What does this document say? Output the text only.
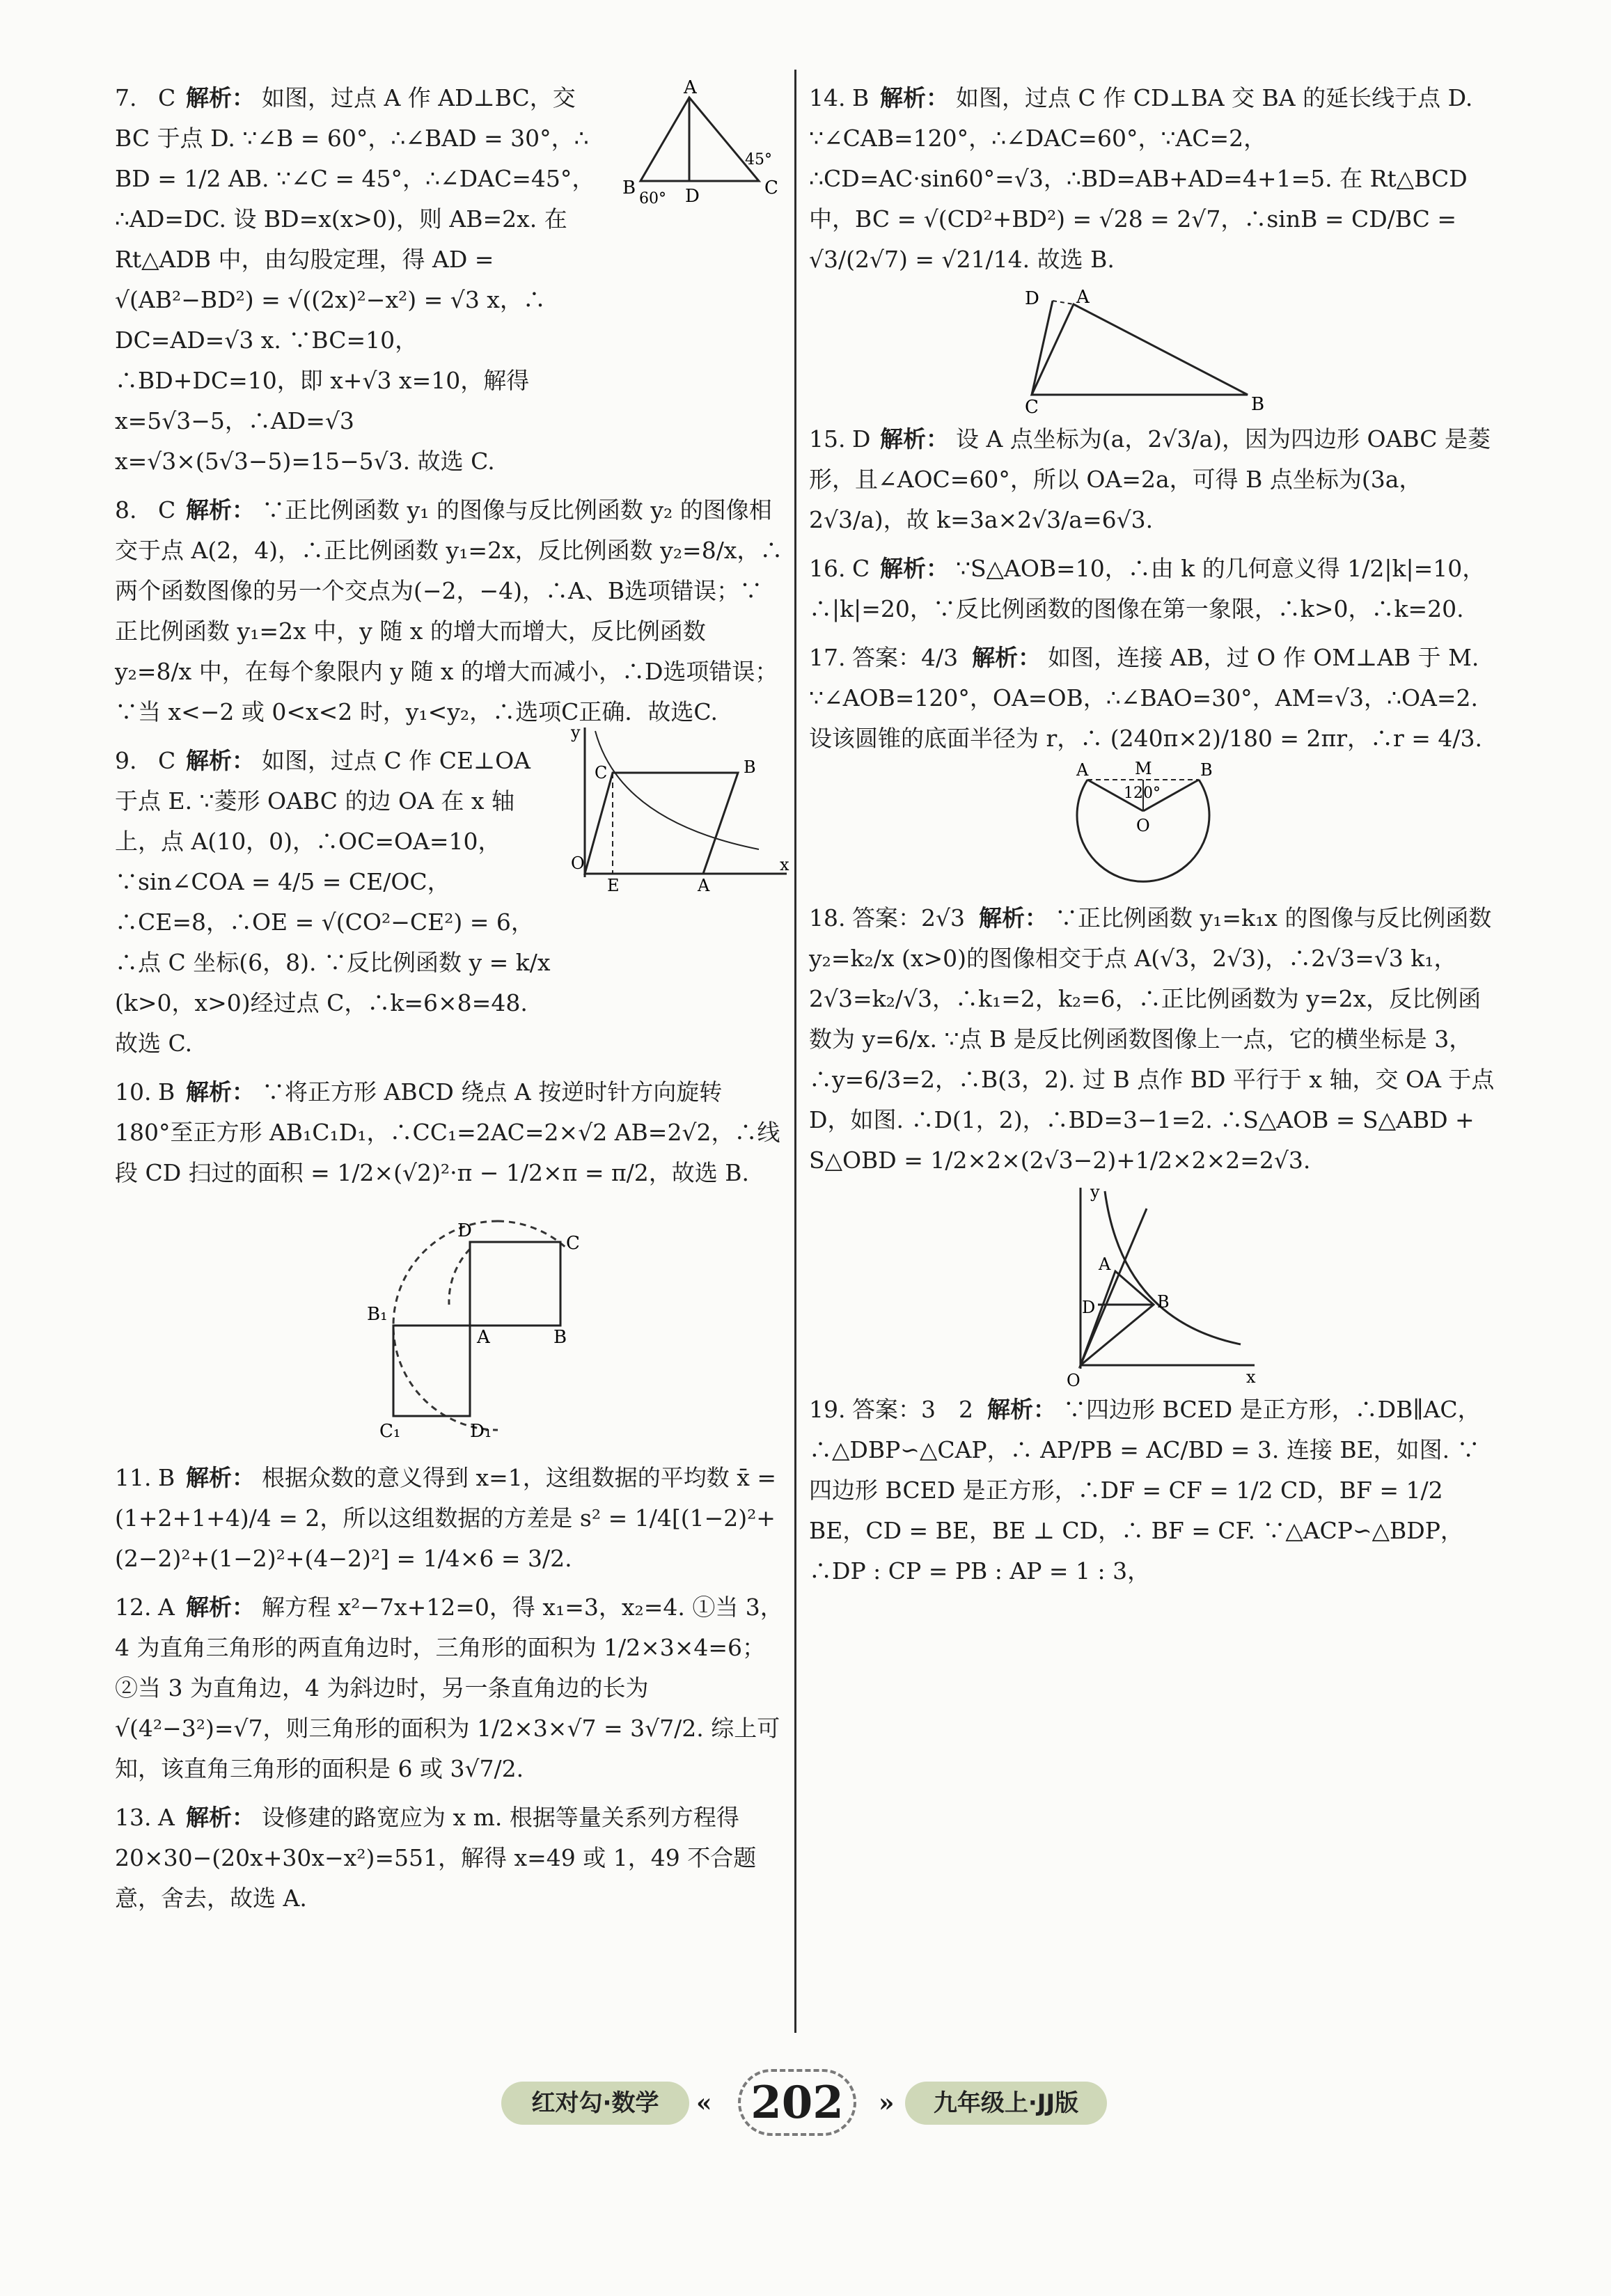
7. C 解析： 如图，过点 A 作 AD⊥BC，交 BC 于点 D. ∵∠B = 60°，∴∠BAD = 30°，∴ BD = 1/2 AB. ∵∠C = 45°，∴∠DAC=45°，∴AD=DC. 设 BD=x(x>0)，则 AB=2x. 在 Rt△ADB 中，由勾股定理，得 AD = √(AB²−BD²) = √((2x)²−x²) = √3 x，∴ DC=AD=√3 x. ∵BC=10，∴BD+DC=10，即 x+√3 x=10，解得 x=5√3−5，∴AD=√3 x=√3×(5√3−5)=15−5√3. 故选 C.
8. C 解析： ∵正比例函数 y₁ 的图像与反比例函数 y₂ 的图像相交于点 A(2，4)，∴正比例函数 y₁=2x，反比例函数 y₂=8/x，∴两个函数图像的另一个交点为(−2，−4)，∴A、B选项错误；∵正比例函数 y₁=2x 中，y 随 x 的增大而增大，反比例函数 y₂=8/x 中，在每个象限内 y 随 x 的增大而减小，∴D选项错误；∵当 x<−2 或 0<x<2 时，y₁<y₂，∴选项C正确．故选C.
9. C 解析： 如图，过点 C 作 CE⊥OA 于点 E. ∵菱形 OABC 的边 OA 在 x 轴上，点 A(10，0)，∴OC=OA=10，∵sin∠COA = 4/5 = CE/OC，∴CE=8，∴OE = √(CO²−CE²) = 6，∴点 C 坐标(6，8). ∵反比例函数 y = k/x (k>0，x>0)经过点 C，∴k=6×8=48. 故选 C.
10. B 解析： ∵将正方形 ABCD 绕点 A 按逆时针方向旋转 180°至正方形 AB₁C₁D₁，∴CC₁=2AC=2×√2 AB=2√2，∴线段 CD 扫过的面积 = 1/2×(√2)²·π − 1/2×π = π/2，故选 B.
D
C
B₁
A	B
C₁	D₁
11. B 解析： 根据众数的意义得到 x=1，这组数据的平均数 x̄ = (1+2+1+4)/4 = 2，所以这组数据的方差是 s² = 1/4[(1−2)²+(2−2)²+(1−2)²+(4−2)²] = 1/4×6 = 3/2.
12. A 解析： 解方程 x²−7x+12=0，得 x₁=3，x₂=4. ①当 3，4 为直角三角形的两直角边时，三角形的面积为 1/2×3×4=6； ②当 3 为直角边，4 为斜边时，另一条直角边的长为 √(4²−3²)=√7，则三角形的面积为 1/2×3×√7 = 3√7/2. 综上可知，该直角三角形的面积是 6 或 3√7/2.
13. A 解析： 设修建的路宽应为 x m. 根据等量关系列方程得 20×30−(20x+30x−x²)=551，解得 x=49 或 1，49 不合题意，舍去，故选 A.
A
B	C
D
60°
45°
y
x
O
E	A
B
C
14. B 解析： 如图，过点 C 作 CD⊥BA 交 BA 的延长线于点 D. ∵∠CAB=120°，∴∠DAC=60°，∵AC=2，∴CD=AC·sin60°=√3，∴BD=AB+AD=4+1=5. 在 Rt△BCD 中，BC = √(CD²+BD²) = √28 = 2√7，∴sinB = CD/BC = √3/(2√7) = √21/14. 故选 B.
D A
B
C
15. D 解析： 设 A 点坐标为(a，2√3/a)，因为四边形 OABC 是菱形，且∠AOC=60°，所以 OA=2a，可得 B 点坐标为(3a，2√3/a)，故 k=3a×2√3/a=6√3.
16. C 解析： ∵S△AOB=10，∴由 k 的几何意义得 1/2|k|=10，∴|k|=20，∵反比例函数的图像在第一象限，∴k>0，∴k=20.
17. 答案：4/3 解析： 如图，连接 AB，过 O 作 OM⊥AB 于 M. ∵∠AOB=120°，OA=OB，∴∠BAO=30°，AM=√3，∴OA=2. 设该圆锥的底面半径为 r，∴ (240π×2)/180 = 2πr，∴r = 4/3.
A	M	B
O
120°
18. 答案：2√3 解析： ∵正比例函数 y₁=k₁x 的图像与反比例函数 y₂=k₂/x (x>0)的图像相交于点 A(√3，2√3)，∴2√3=√3 k₁，2√3=k₂/√3，∴k₁=2，k₂=6，∴正比例函数为 y=2x，反比例函数为 y=6/x. ∵点 B 是反比例函数图像上一点，它的横坐标是 3，∴y=6/3=2，∴B(3，2). 过 B 点作 BD 平行于 x 轴，交 OA 于点 D，如图. ∴D(1，2)，∴BD=3−1=2. ∴S△AOB = S△ABD + S△OBD = 1/2×2×(2√3−2)+1/2×2×2=2√3.
y
x
O
A
B
D
19. 答案：3　2 解析： ∵四边形 BCED 是正方形，∴DB∥AC，∴△DBP∽△CAP，∴ AP/PB = AC/BD = 3. 连接 BE，如图. ∵四边形 BCED 是正方形，∴DF = CF = 1/2 CD，BF = 1/2 BE，CD = BE，BE ⊥ CD，∴ BF = CF. ∵△ACP∽△BDP，∴DP : CP = PB : AP = 1 : 3，
红对勾·数学	« 202	»	九年级上·JJ版
